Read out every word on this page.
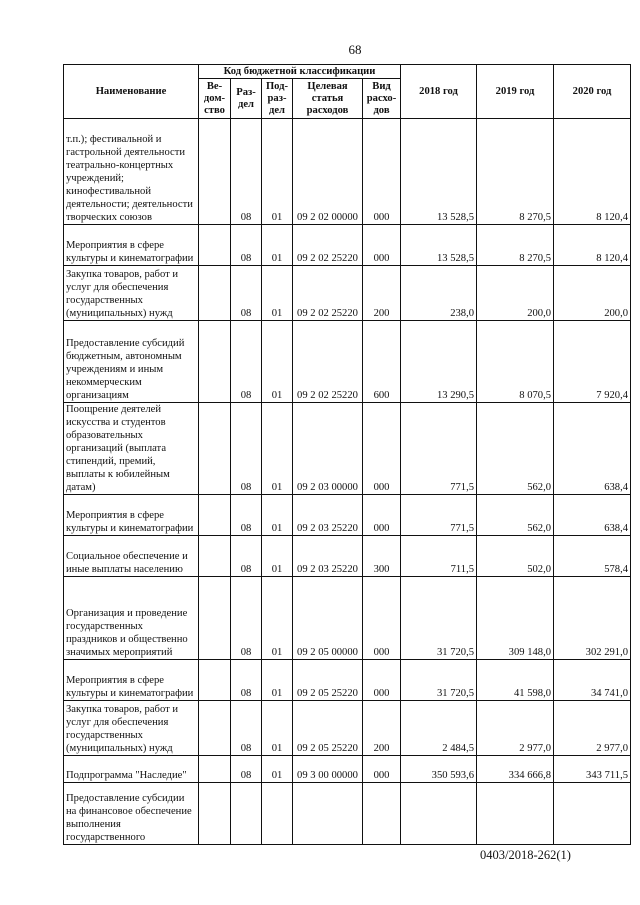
68
Наименование	Код бюджетной классификации					2018 год	2019 год	2020 год
	Ве-дом-ство	Раз-дел	Под-раз-дел	Целевая статья расходов	Вид расхо-дов			
т.п.); фестивальной и гастрольной деятельности театрально-концертных учреждений; кинофестивальной деятельности; деятельности творческих союзов		08	01	09 2 02 00000	000	13 528,5	8 270,5	8 120,4
Мероприятия в сфере культуры и кинематографии		08	01	09 2 02 25220	000	13 528,5	8 270,5	8 120,4
Закупка товаров, работ и услуг для обеспечения государственных (муниципальных) нужд		08	01	09 2 02 25220	200	238,0	200,0	200,0
Предоставление субсидий бюджетным, автономным учреждениям и иным некоммерческим организациям		08	01	09 2 02 25220	600	13 290,5	8 070,5	7 920,4
Поощрение деятелей искусства и студентов образовательных организаций (выплата стипендий, премий, выплаты к юбилейным датам)		08	01	09 2 03 00000	000	771,5	562,0	638,4
Мероприятия в сфере культуры и кинематографии		08	01	09 2 03 25220	000	771,5	562,0	638,4
Социальное обеспечение и иные выплаты населению		08	01	09 2 03 25220	300	711,5	502,0	578,4
Организация и проведение государственных праздников и общественно значимых мероприятий		08	01	09 2 05 00000	000	31 720,5	309 148,0	302 291,0
Мероприятия в сфере культуры и кинематографии		08	01	09 2 05 25220	000	31 720,5	41 598,0	34 741,0
Закупка товаров, работ и услуг для обеспечения государственных (муниципальных) нужд		08	01	09 2 05 25220	200	2 484,5	2 977,0	2 977,0
Подпрограмма "Наследие"		08	01	09 3 00 00000	000	350 593,6	334 666,8	343 711,5
Предоставление субсидии на финансовое обеспечение выполнения государственного								
0403/2018-262(1)
